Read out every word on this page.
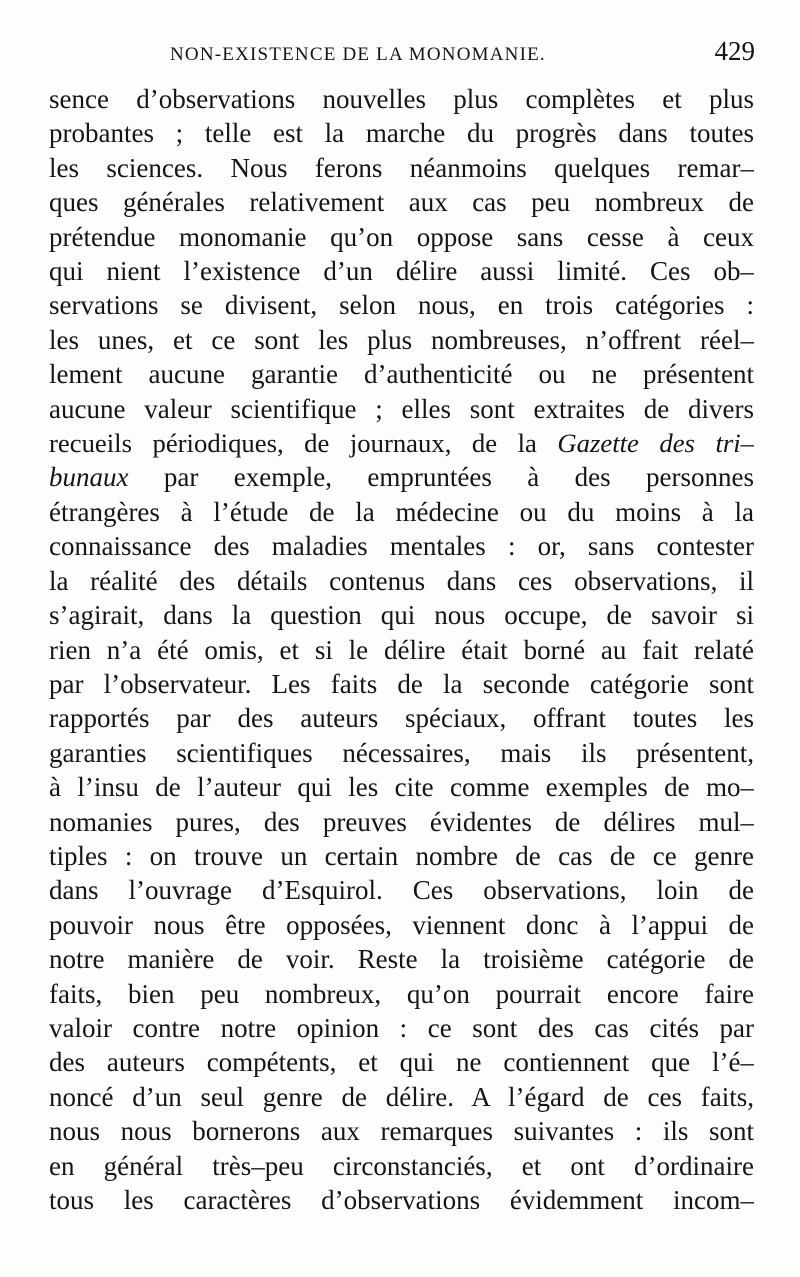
NON-EXISTENCE DE LA MONOMANIE.	429
sence d’observations nouvelles plus complètes et plus
probantes ; telle est la marche du progrès dans toutes
les sciences. Nous ferons néanmoins quelques remar–
ques générales relativement aux cas peu nombreux de
prétendue monomanie qu’on oppose sans cesse à ceux
qui nient l’existence d’un délire aussi limité. Ces ob–
servations se divisent, selon nous, en trois catégories :
les unes, et ce sont les plus nombreuses, n’offrent réel–
lement aucune garantie d’authenticité ou ne présentent
aucune valeur scientifique ; elles sont extraites de divers
recueils périodiques, de journaux, de la Gazette des tri–
bunaux par exemple, empruntées à des personnes
étrangères à l’étude de la médecine ou du moins à la
connaissance des maladies mentales : or, sans contester
la réalité des détails contenus dans ces observations, il
s’agirait, dans la question qui nous occupe, de savoir si
rien n’a été omis, et si le délire était borné au fait relaté
par l’observateur. Les faits de la seconde catégorie sont
rapportés par des auteurs spéciaux, offrant toutes les
garanties scientifiques nécessaires, mais ils présentent,
à l’insu de l’auteur qui les cite comme exemples de mo–
nomanies pures, des preuves évidentes de délires mul–
tiples : on trouve un certain nombre de cas de ce genre
dans l’ouvrage d’Esquirol. Ces observations, loin de
pouvoir nous être opposées, viennent donc à l’appui de
notre manière de voir. Reste la troisième catégorie de
faits, bien peu nombreux, qu’on pourrait encore faire
valoir contre notre opinion : ce sont des cas cités par
des auteurs compétents, et qui ne contiennent que l’é–
noncé d’un seul genre de délire. A l’égard de ces faits,
nous nous bornerons aux remarques suivantes : ils sont
en général très–peu circonstanciés, et ont d’ordinaire
tous les caractères d’observations évidemment incom–
